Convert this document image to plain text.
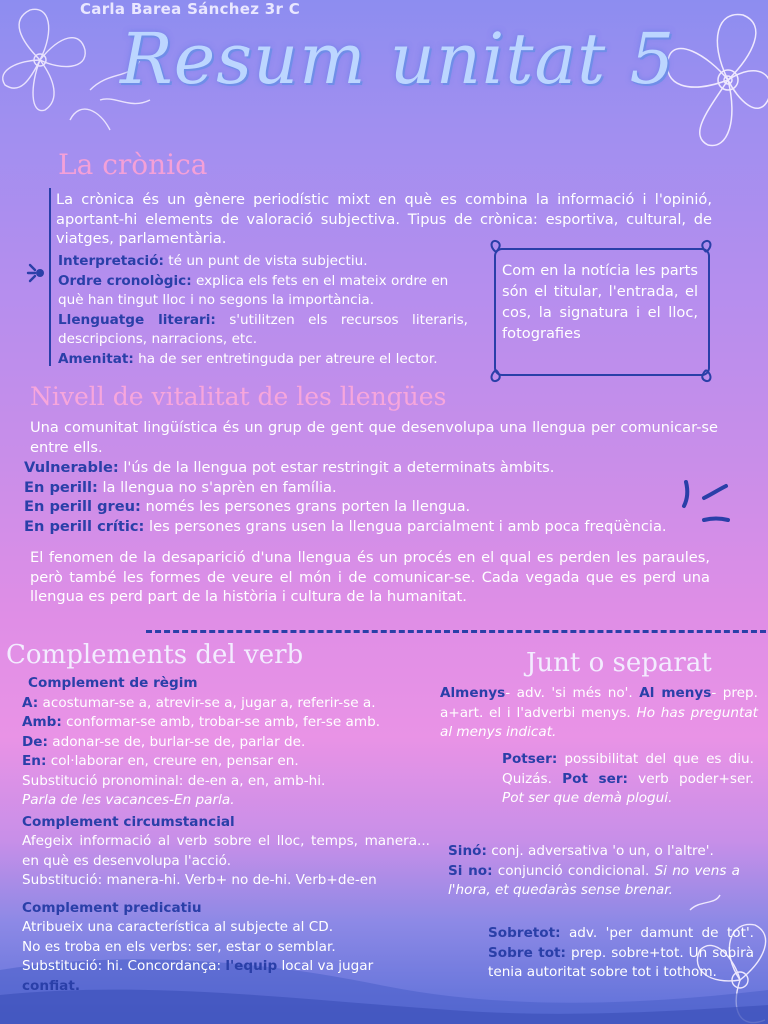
Carla Barea Sánchez 3r C
Resum unitat 5
La crònica
La crònica és un gènere periodístic mixt en què es combina la informació i l'opinió, aportant-hi elements de valoració subjectiva. Tipus de crònica: esportiva, cultural, de viatges, parlamentària.
Interpretació: té un punt de vista subjectiu.
Ordre cronològic: explica els fets en el mateix ordre en què han tingut lloc i no segons la importància.
Llenguatge literari: s'utilitzen els recursos literaris, descripcions, narracions, etc.
Amenitat: ha de ser entretinguda per atreure el lector.
Com en la notícia les parts són el titular, l'entrada, el cos, la signatura i el lloc, fotografies
Nivell de vitalitat de les llengües
Una comunitat lingüística és un grup de gent que desenvolupa una llengua per comunicar-se entre ells.
Vulnerable: l'ús de la llengua pot estar restringit a determinats àmbits.
En perill: la llengua no s'aprèn en família.
En perill greu: només les persones grans porten la llengua.
En perill crític: les persones grans usen la llengua parcialment i amb poca freqüència.
El fenomen de la desaparició d'una llengua és un procés en el qual es perden les paraules, però també les formes de veure el món i de comunicar-se. Cada vegada que es perd una llengua es perd part de la història i cultura de la humanitat.
Complements del verb
Complement de règim
A: acostumar-se a, atrevir-se a, jugar a, referir-se a.
Amb: conformar-se amb, trobar-se amb, fer-se amb.
De: adonar-se de, burlar-se de, parlar de.
En: col·laborar en, creure en, pensar en.
Substitució pronominal: de-en a, en, amb-hi.
Parla de les vacances-En parla.
Complement circumstancial
Afegeix informació al verb sobre el lloc, temps, manera... en què es desenvolupa l'acció.
Substitució: manera-hi. Verb+ no de-hi. Verb+de-en
Complement predicatiu
Atribueix una característica al subjecte al CD.
No es troba en els verbs: ser, estar o semblar.
Substitució: hi. Concordança: l'equip local va jugar
confiat.
Junt o separat
Almenys- adv. 'si més no'. Al menys- prep. a+art. el i l'adverbi menys. Ho has preguntat al menys indicat.
Potser: possibilitat del que es diu. Quizás. Pot ser: verb poder+ser. Pot ser que demà plogui.
Sinó: conj. adversativa 'o un, o l'altre'.
Si no: conjunció condicional. Si no vens a l'hora, et quedaràs sense brenar.
Sobretot: adv. 'per damunt de tot'. Sobre tot: prep. sobre+tot. Un sobirà tenia autoritat sobre tot i tothom.
